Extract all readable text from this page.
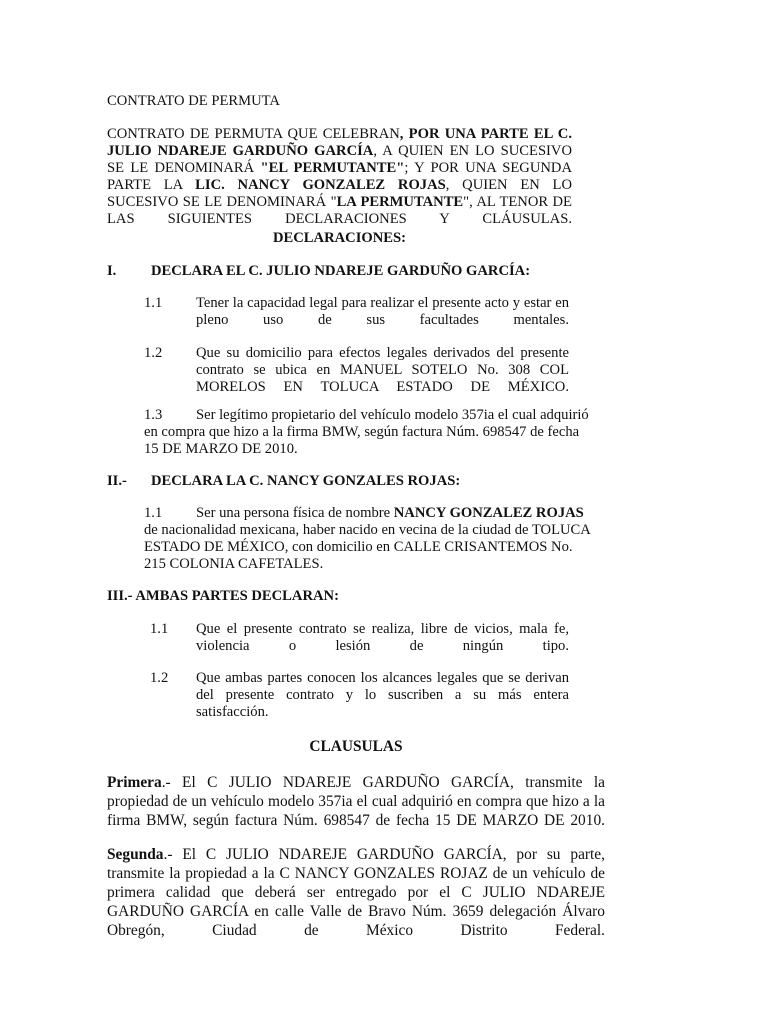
CONTRATO DE PERMUTA

CONTRATO DE PERMUTA QUE CELEBRAN, POR UNA PARTE EL C. JULIO NDAREJE GARDUÑO GARCÍA, A QUIEN EN LO SUCESIVO SE LE DENOMINARÁ "EL PERMUTANTE"; Y POR UNA SEGUNDA PARTE LA LIC. NANCY GONZALEZ ROJAS, QUIEN EN LO SUCESIVO SE LE DENOMINARÁ "LA PERMUTANTE", AL TENOR DE LAS SIGUIENTES DECLARACIONES Y CLÁUSULAS.

DECLARACIONES:

I. DECLARA EL C. JULIO NDAREJE GARDUÑO GARCÍA:
1.1 Tener la capacidad legal para realizar el presente acto y estar en pleno uso de sus facultades mentales.

1.2 Que su domicilio para efectos legales derivados del presente contrato se ubica en MANUEL SOTELO No. 308 COL MORELOS EN TOLUCA ESTADO DE MÉXICO.

1.3 Ser legítimo propietario del vehículo modelo 357ia el cual adquirió
en compra que hizo a la firma BMW, según factura Núm. 698547 de fecha
15 DE MARZO DE 2010.
II.- DECLARA LA C. NANCY GONZALES ROJAS:
1.1 Ser una persona física de nombre NANCY GONZALEZ ROJAS
de nacionalidad mexicana, haber nacido en vecina de la ciudad de TOLUCA
ESTADO DE MÉXICO, con domicilio en CALLE CRISANTEMOS No.
215 COLONIA CAFETALES.
III.- AMBAS PARTES DECLARAN:
1.1 Que el presente contrato se realiza, libre de vicios, mala fe, violencia o lesión de ningún tipo.

1.2 Que ambas partes conocen los alcances legales que se derivan del presente contrato y lo suscriben a su más entera satisfacción.

CLAUSULAS

Primera.- El C JULIO NDAREJE GARDUÑO GARCÍA, transmite la propiedad de un vehículo modelo 357ia el cual adquirió en compra que hizo a la firma BMW, según factura Núm. 698547 de fecha 15 DE MARZO DE 2010.

Segunda.- El C JULIO NDAREJE GARDUÑO GARCÍA, por su parte, transmite la propiedad a la C NANCY GONZALES ROJAZ de un vehículo de primera calidad que deberá ser entregado por el C JULIO NDAREJE GARDUÑO GARCÍA en calle Valle de Bravo Núm. 3659 delegación Álvaro Obregón, Ciudad de México Distrito Federal.
